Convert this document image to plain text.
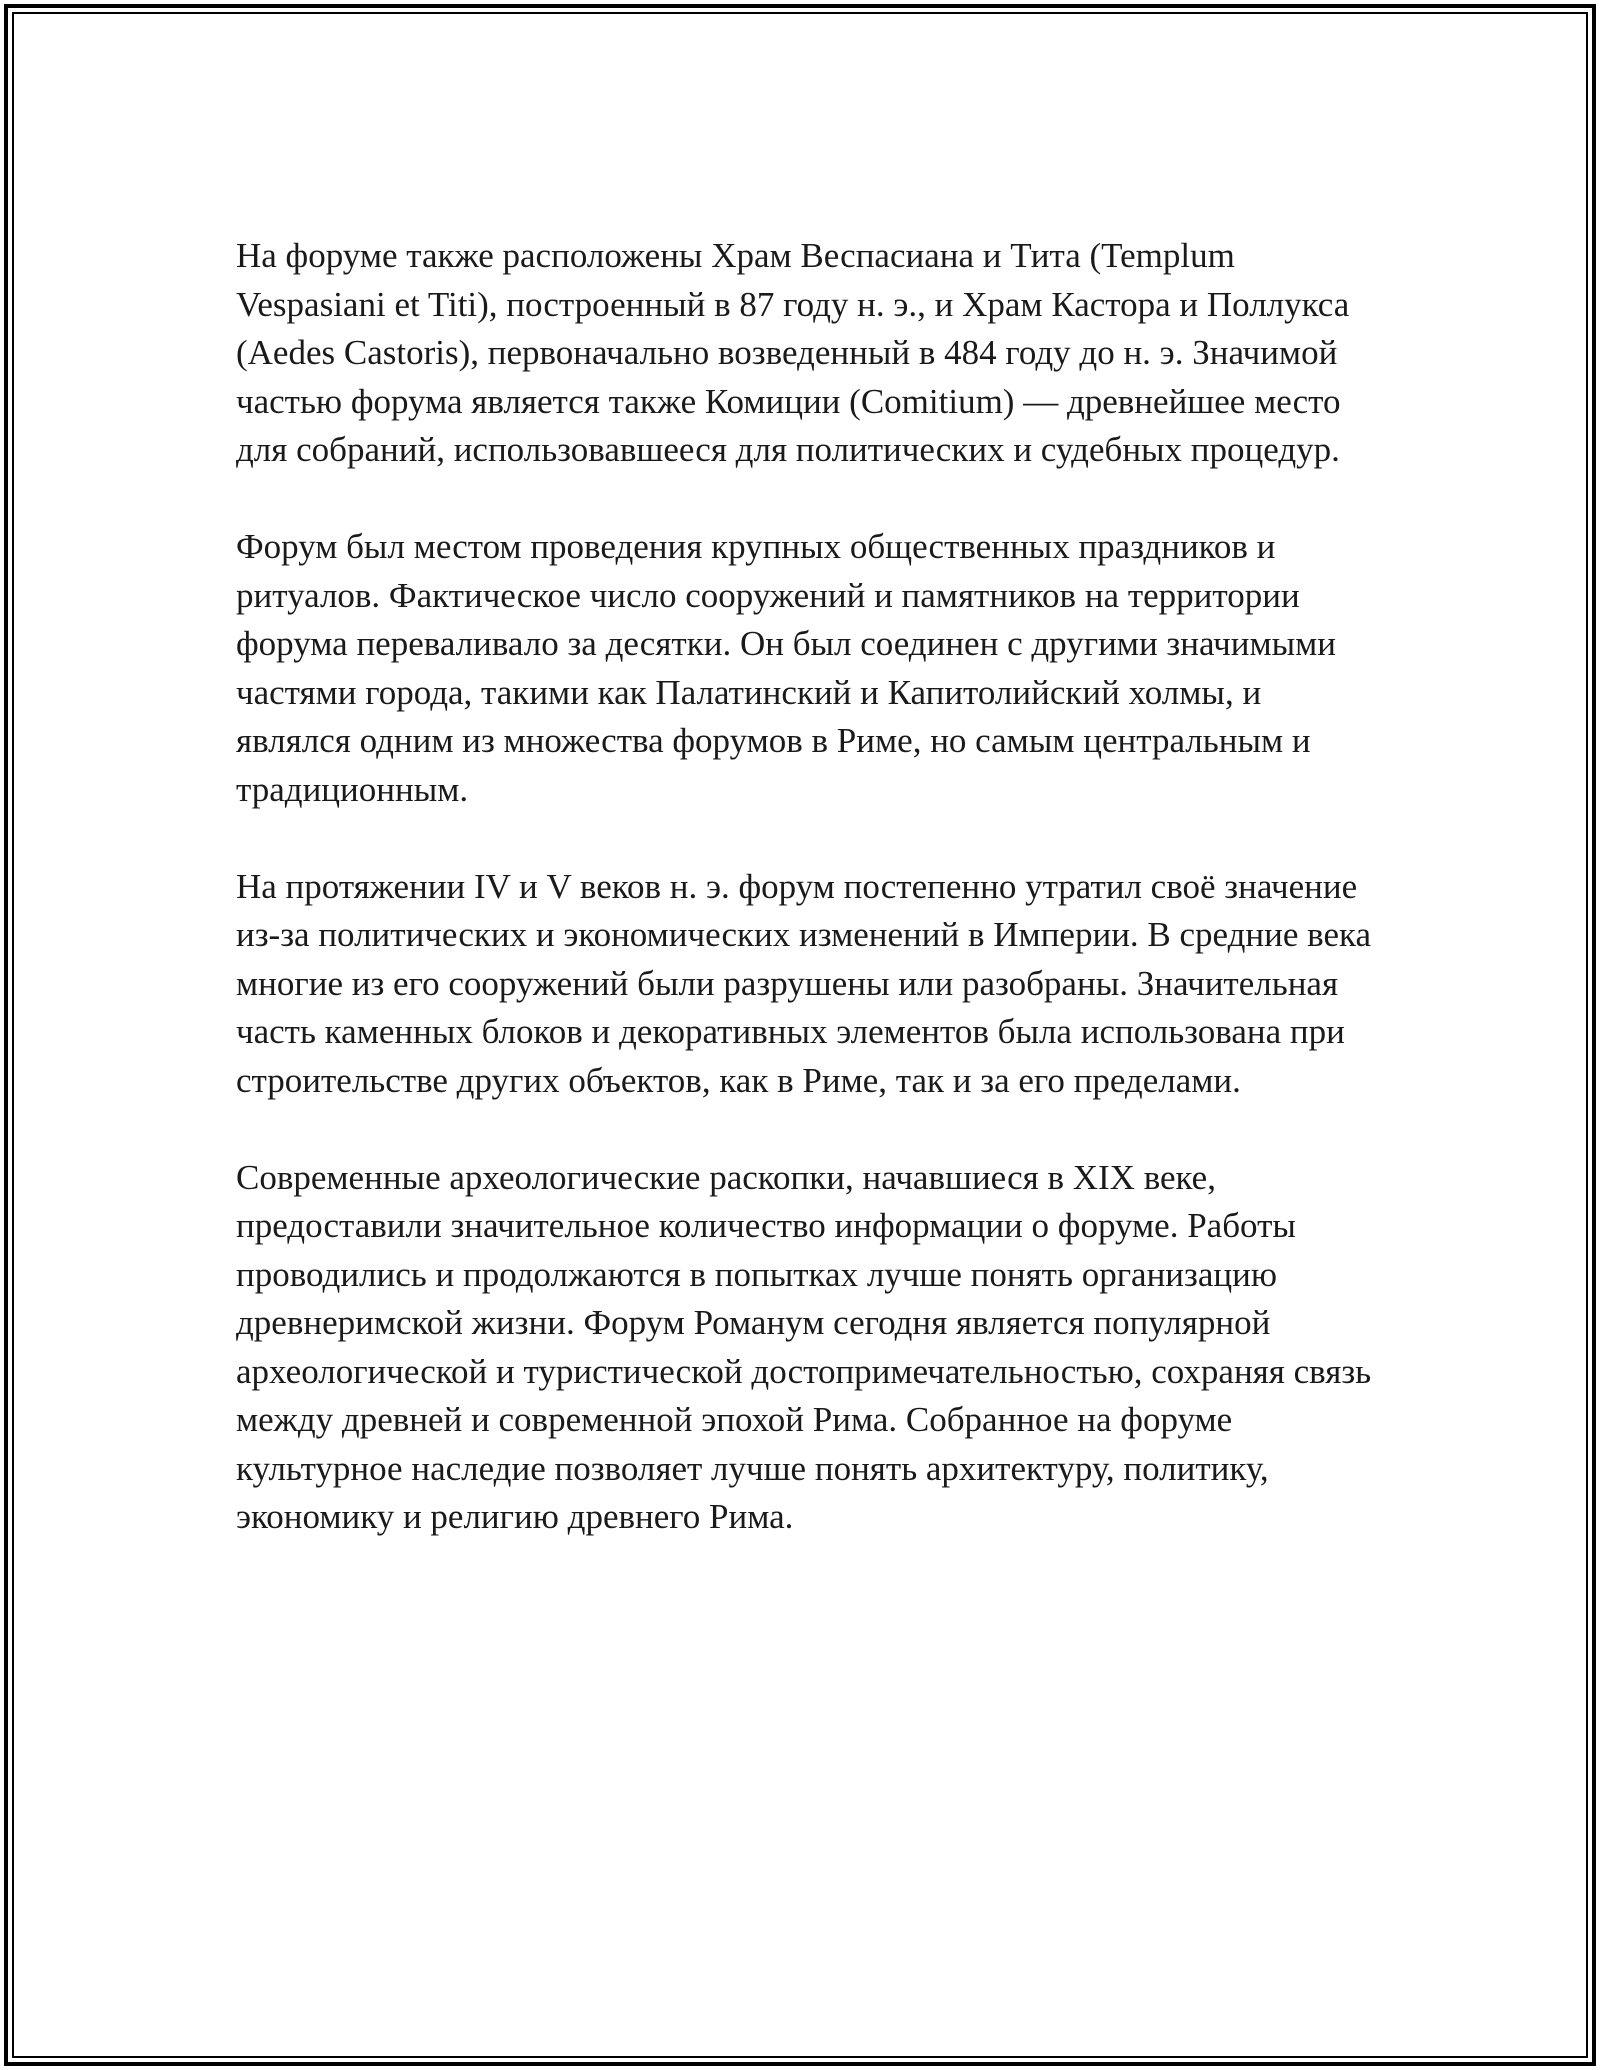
На форуме также расположены Храм Веспасиана и Тита (Templum Vespasiani et Titi), построенный в 87 году н. э., и Храм Кастора и Поллукса (Aedes Castoris), первоначально возведенный в 484 году до н. э. Значимой частью форума является также Комиции (Comitium) — древнейшее место для собраний, использовавшееся для политических и судебных процедур.

Форум был местом проведения крупных общественных праздников и ритуалов. Фактическое число сооружений и памятников на территории форума переваливало за десятки. Он был соединен с другими значимыми частями города, такими как Палатинский и Капитолийский холмы, и являлся одним из множества форумов в Риме, но самым центральным и традиционным.

На протяжении IV и V веков н. э. форум постепенно утратил своё значение из-за политических и экономических изменений в Империи. В средние века многие из его сооружений были разрушены или разобраны. Значительная часть каменных блоков и декоративных элементов была использована при строительстве других объектов, как в Риме, так и за его пределами.

Современные археологические раскопки, начавшиеся в XIX веке, предоставили значительное количество информации о форуме. Работы проводились и продолжаются в попытках лучше понять организацию древнеримской жизни. Форум Романум сегодня является популярной археологической и туристической достопримечательностью, сохраняя связь между древней и современной эпохой Рима. Собранное на форуме культурное наследие позволяет лучше понять архитектуру, политику, экономику и религию древнего Рима.
